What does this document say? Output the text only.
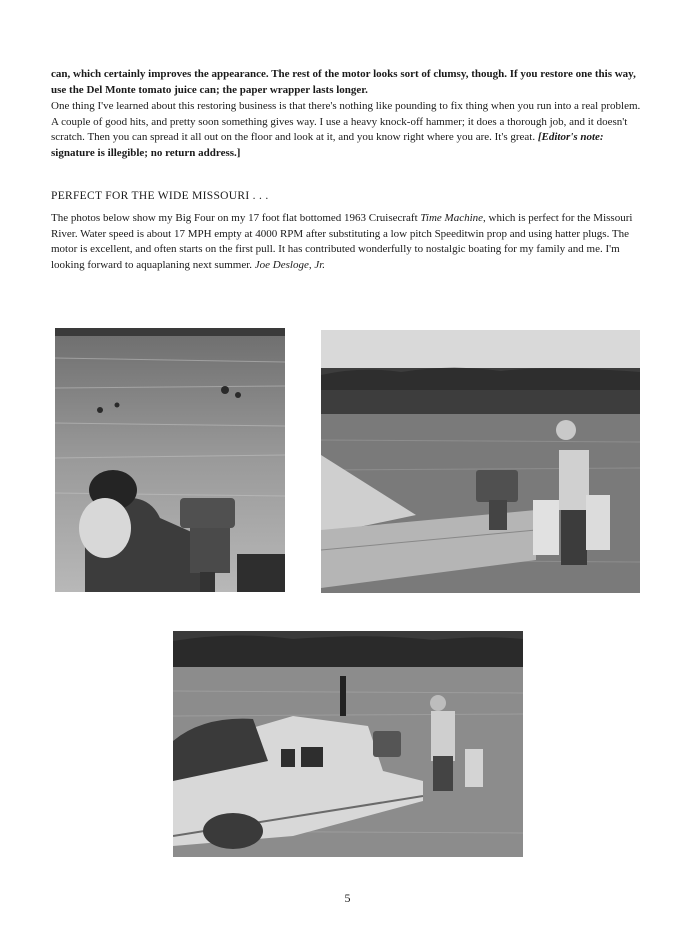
can, which certainly improves the appearance. The rest of the motor looks sort of clumsy, though. If you restore one this way, use the Del Monte tomato juice can; the paper wrapper lasts longer.
One thing I've learned about this restoring business is that there's nothing like pounding to fix thing when you run into a real problem. A couple of good hits, and pretty soon something gives way. I use a heavy knock-off hammer; it does a thorough job, and it doesn't scratch. Then you can spread it all out on the floor and look at it, and you know right where you are. It's great. [Editor's note: signature is illegible; no return address.]
PERFECT FOR THE WIDE MISSOURI . . .
The photos below show my Big Four on my 17 foot flat bottomed 1963 Cruisecraft Time Machine, which is perfect for the Missouri River. Water speed is about 17 MPH empty at 4000 RPM after substituting a low pitch Speeditwin prop and using hatter plugs. The motor is excellent, and often starts on the first pull. It has contributed wonderfully to nostalgic boating for my family and me. I'm looking forward to aquaplaning next summer. Joe Desloge, Jr.
5
